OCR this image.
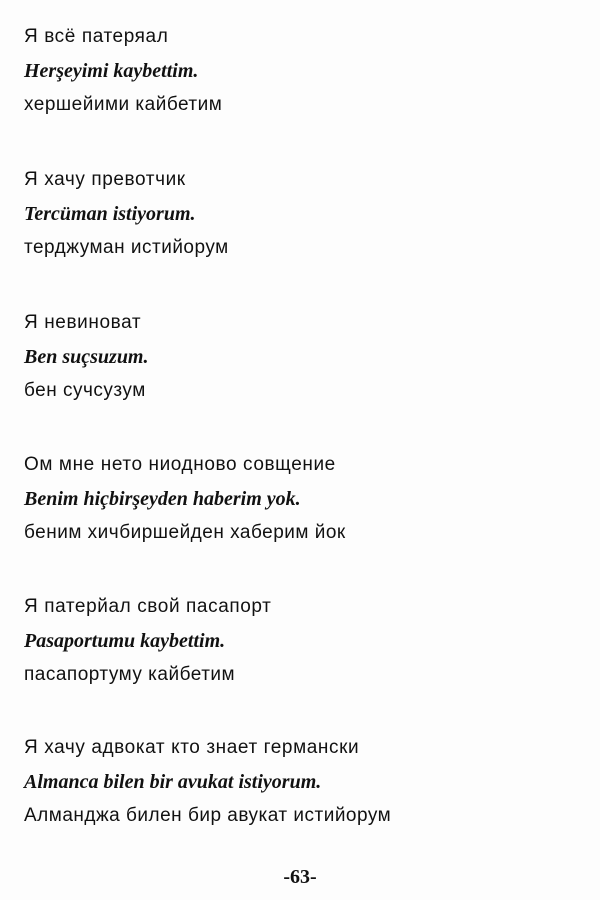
Я всё патеряал
Herşeyimi kaybettim.
хершейими кайбетим
Я хачу превотчик
Tercüman istiyorum.
терджуман истийорум
Я невиноват
Ben suçsuzum.
бен сучсузум
Ом мне нето ниодново совщение
Benim hiçbirşeyden haberim yok.
беним хичбиршейден хаберим йок
Я патерйал свой пасапорт
Pasaportumu kaybettim.
пасапортуму кайбетим
Я хачу адвокат кто знает германски
Almanca bilen bir avukat istiyorum.
Алманджа билен бир авукат истийорум
-63-
